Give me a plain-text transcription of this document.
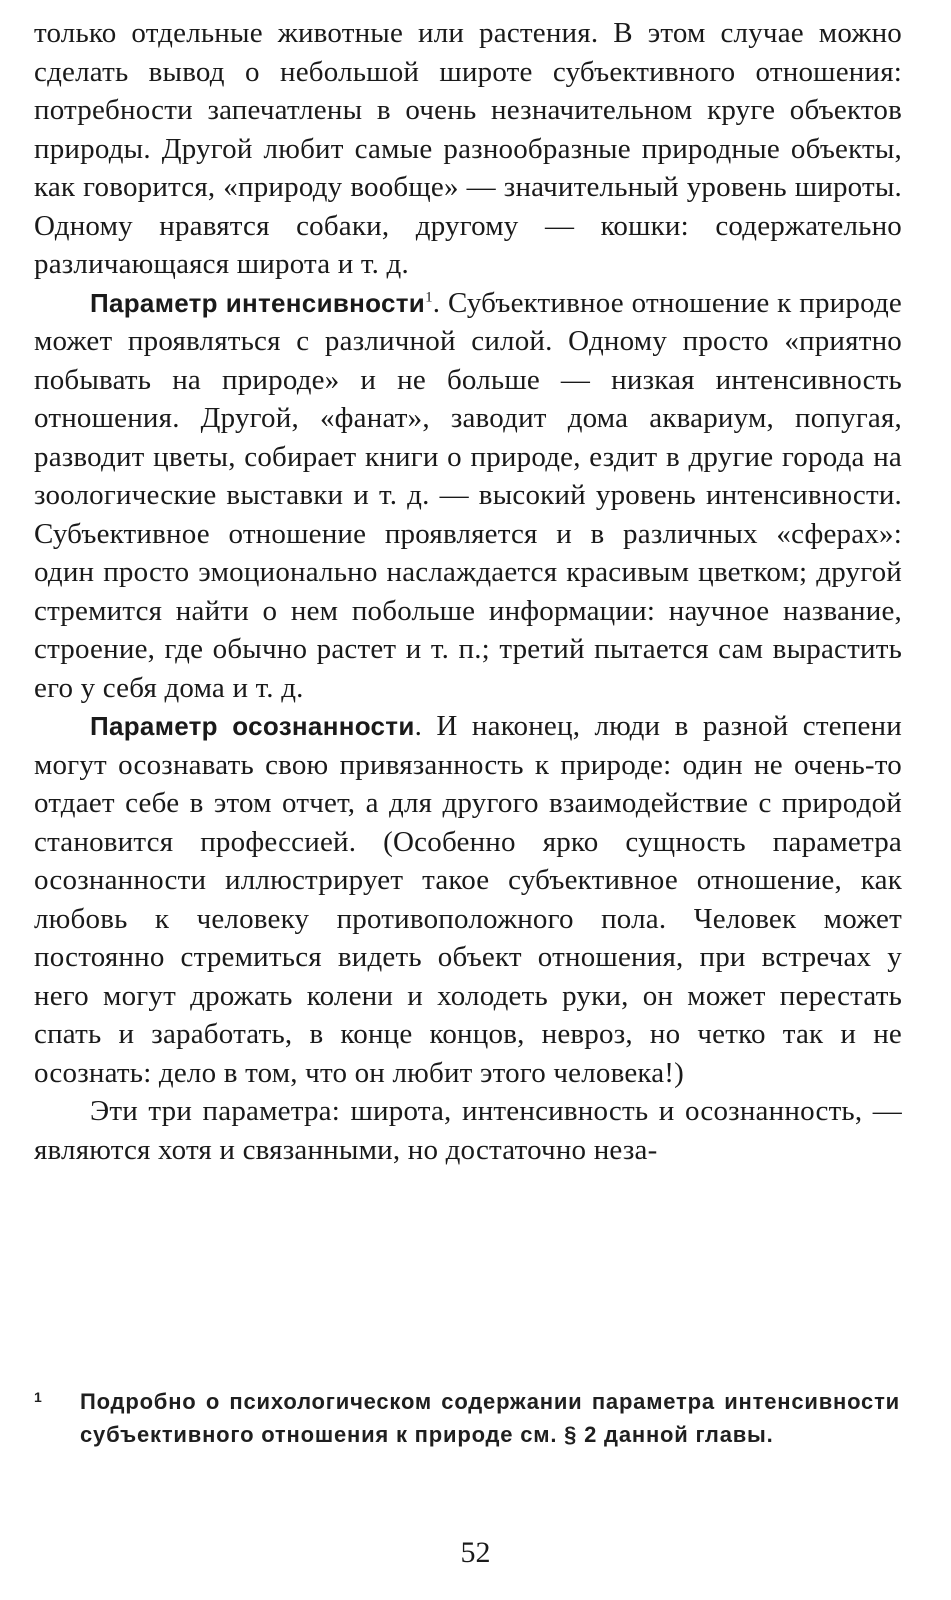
только отдельные животные или растения. В этом случае можно сделать вывод о небольшой широте субъективного отношения: потребности запечатлены в очень незначительном круге объектов природы. Другой любит самые разнообразные природные объекты, как говорится, «природу вообще» — значительный уровень широты. Одному нравятся собаки, другому — кошки: содержательно различающаяся широта и т. д.

Параметр интенсивности$^1$. Субъективное отношение к природе может проявляться с различной силой. Одному просто «приятно побывать на природе» и не больше — низкая интенсивность отношения. Другой, «фанат», заводит дома аквариум, попугая, разводит цветы, собирает книги о природе, ездит в другие города на зоологические выставки и т. д. — высокий уровень интенсивности. Субъективное отношение проявляется и в различных «сферах»: один просто эмоционально наслаждается красивым цветком; другой стремится найти о нем побольше информации: научное название, строение, где обычно растет и т. п.; третий пытается сам вырастить его у себя дома и т. д.

Параметр осознанности. И наконец, люди в разной степени могут осознавать свою привязанность к природе: один не очень-то отдает себе в этом отчет, а для другого взаимодействие с природой становится профессией. (Особенно ярко сущность параметра осознанности иллюстрирует такое субъективное отношение, как любовь к человеку противоположного пола. Человек может постоянно стремиться видеть объект отношения, при встречах у него могут дрожать колени и холодеть руки, он может перестать спать и заработать, в конце концов, невроз, но четко так и не осознать: дело в том, что он любит этого человека!)

Эти три параметра: широта, интенсивность и осознанность, — являются хотя и связанными, но достаточно неза-

1 Подробно о психологическом содержании параметра интенсивности субъективного отношения к природе см. § 2 данной главы.
52
